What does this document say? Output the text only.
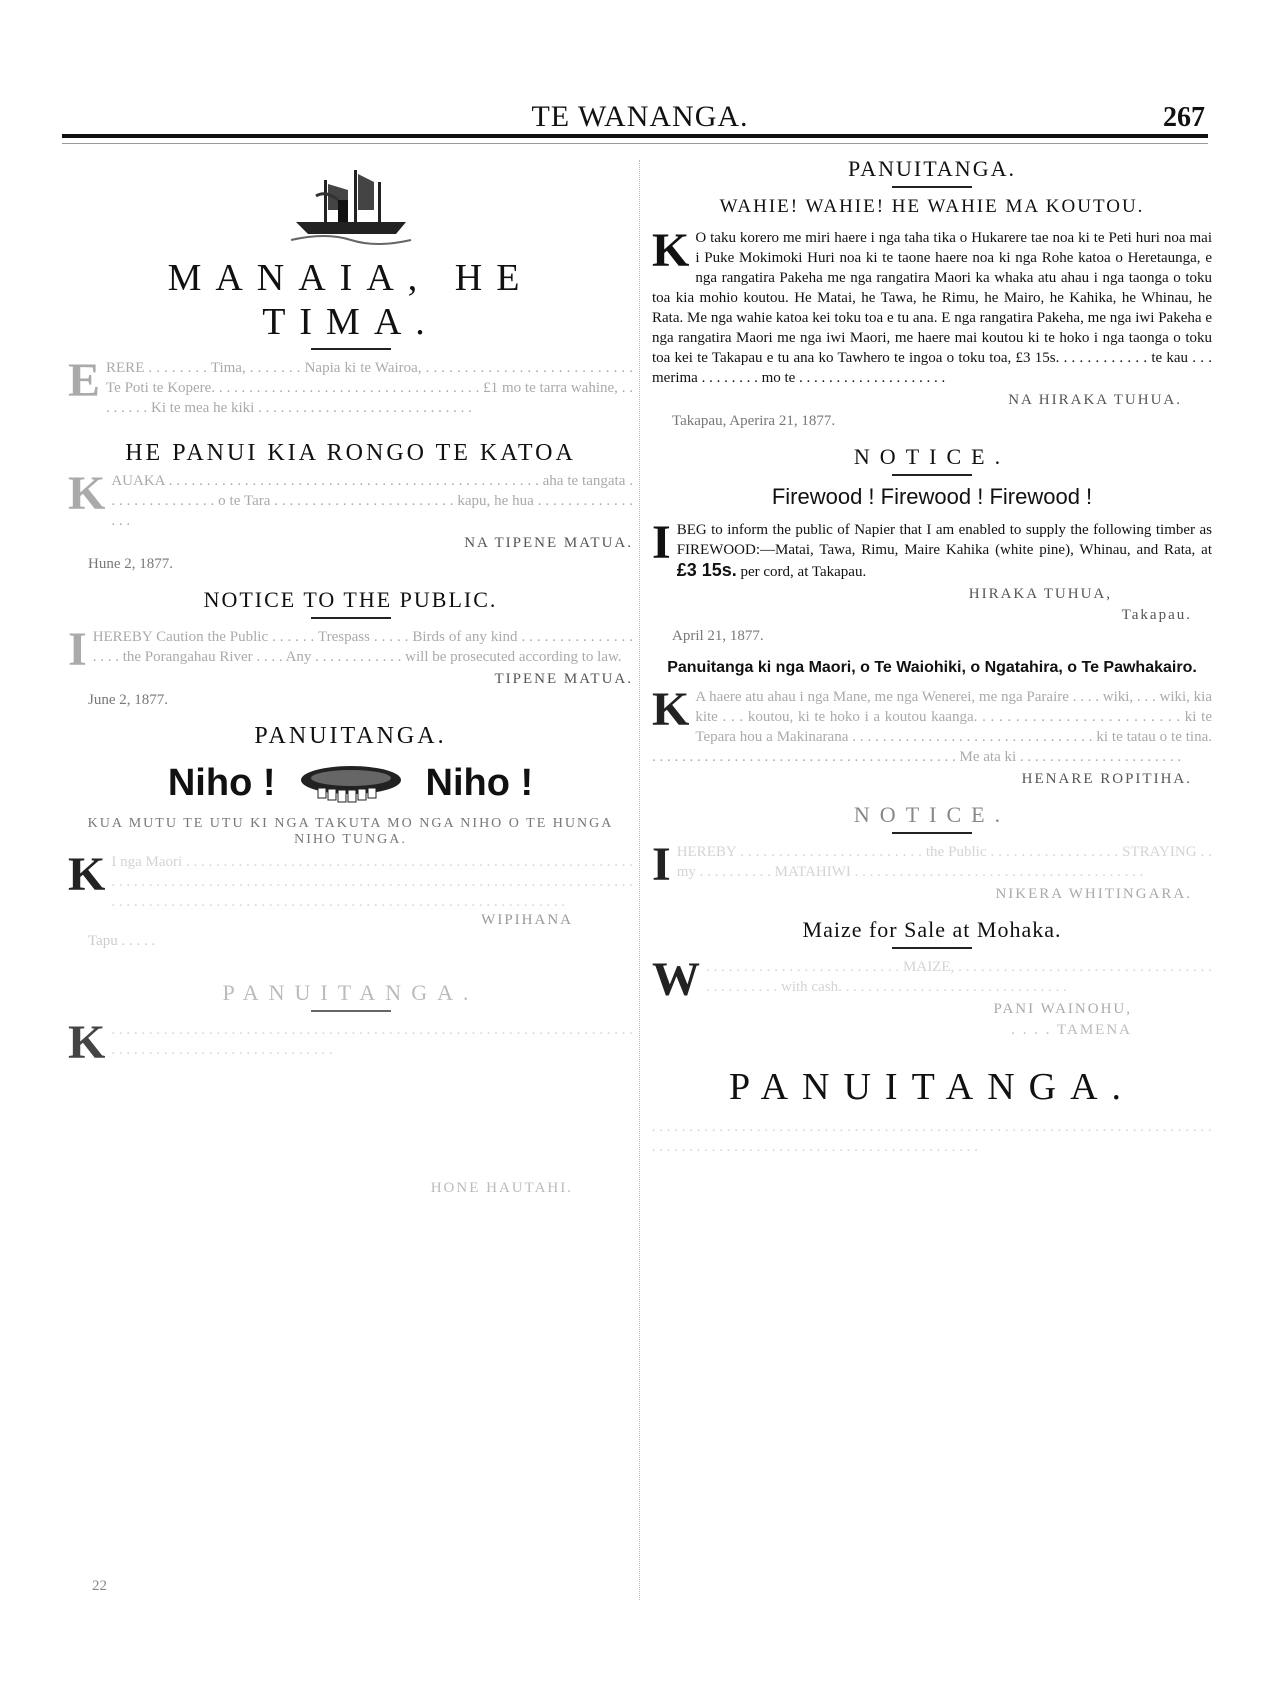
TE WANANGA.	267
MANAIA, HE TIMA.
E RERE . . . . . . . . Tima, . . . . . . . Napia ki te Wairoa, . . . . . . . . . . . . . . . . . . . . . . . . . . . Te Poti te Kopere. . . . . . . . . . . . . . . . . . . . . . . . . . . . . . . . . . . . £1 mo te tarra wahine, . . . . . . . . Ki te mea he kiki . . . . . . . . . . . . . . . . . . . . . . . . . . . . .
HE PANUI KIA RONGO TE KATOA
K AUAKA . . . . . . . . . . . . . . . . . . . . . . . . . . . . . . . . . . . . . . . . . . . . . . . . . aha te tangata . . . . . . . . . . . . . . . o te Tara . . . . . . . . . . . . . . . . . . . . . . . . kapu, he hua . . . . . . . . . . . . . . . .
NA TIPENE MATUA.
Hune 2, 1877.
NOTICE TO THE PUBLIC.
I HEREBY Caution the Public . . . . . . Trespass . . . . . Birds of any kind . . . . . . . . . . . . . . . . . . . the Porangahau River . . . . Any . . . . . . . . . . . . will be prosecuted according to law.
TIPENE MATUA.
June 2, 1877.
PANUITANGA.
Niho !	Niho !
KUA MUTU TE UTU KI NGA TAKUTA MO NGA NIHO O TE HUNGA NIHO TUNGA.
K I nga Maori . . . . . . . . . . . . . . . . . . . . . . . . . . . . . . . . . . . . . . . . . . . . . . . . . . . . . . . . . . . . . . . . . . . . . . . . . . . . . . . . . . . . . . . . . . . . . . . . . . . . . . . . . . . . . . . . . . . . . . . . . . . . . . . . . . . . . . . . . . . . . . . . . . . . . . . . . . . . . . . . . . . . . . . . . . . . . . . . . . . . . . . . . . . . . . .
WIPIHANA
Tapu . . . . .
PANUITANGA.
K . . . . . . . . . . . . . . . . . . . . . . . . . . . . . . . . . . . . . . . . . . . . . . . . . . . . . . . . . . . . . . . . . . . . . . . . . . . . . . . . . . . . . . . . . . . . . . . . . . . .
HONE HAUTAHI.
22
PANUITANGA.
WAHIE! WAHIE! HE WAHIE MA KOUTOU.
K O taku korero me miri haere i nga taha tika o Hukarere tae noa ki te Peti huri noa mai i Puke Mokimoki Huri noa ki te taone haere noa ki nga Rohe katoa o Heretaunga, e nga rangatira Pakeha me nga rangatira Maori ka whaka atu ahau i nga taonga o toku toa kia mohio koutou. He Matai, he Tawa, he Rimu, he Mairo, he Kahika, he Whinau, he Rata. Me nga wahie katoa kei toku toa e tu ana. E nga rangatira Pakeha, me nga iwi Pakeha e nga rangatira Maori me nga iwi Maori, me haere mai koutou ki te hoko i nga taonga o toku toa kei te Takapau e tu ana ko Tawhero te ingoa o toku toa, £3 15s. . . . . . . . . . . . te kau . . . merima . . . . . . . . mo te . . . . . . . . . . . . . . . . . . . .
NA HIRAKA TUHUA.
Takapau, Aperira 21, 1877.
NOTICE.
Firewood ! Firewood ! Firewood !
I BEG to inform the public of Napier that I am enabled to supply the following timber as FIREWOOD:—Matai, Tawa, Rimu, Maire Kahika (white pine), Whinau, and Rata, at £3 15s. per cord, at Takapau.
HIRAKA TUHUA,
Takapau.
April 21, 1877.
Panuitanga ki nga Maori, o Te Waiohiki, o Ngatahira, o Te Pawhakairo.
K A haere atu ahau i nga Mane, me nga Wenerei, me nga Paraire . . . . wiki, . . . wiki, kia kite . . . koutou, ki te hoko i a koutou kaanga. . . . . . . . . . . . . . . . . . . . . . . . . ki te Tepara hou a Makinarana . . . . . . . . . . . . . . . . . . . . . . . . . . . . . . . . ki te tatau o te tina. . . . . . . . . . . . . . . . . . . . . . . . . . . . . . . . . . . . . . . . . . Me ata ki . . . . . . . . . . . . . . . . . . . . . .
HENARE ROPITIHA.
NOTICE.
I HEREBY . . . . . . . . . . . . . . . . . . . . . . . . the Public . . . . . . . . . . . . . . . . . STRAYING . . my . . . . . . . . . . MATAHIWI . . . . . . . . . . . . . . . . . . . . . . . . . . . . . . . . . . . . . . .
NIKERA WHITINGARA.
Maize for Sale at Mohaka.
W . . . . . . . . . . . . . . . . . . . . . . . . . . MAIZE, . . . . . . . . . . . . . . . . . . . . . . . . . . . . . . . . . . . . . . . . . . . . with cash. . . . . . . . . . . . . . . . . . . . . . . . . . . . . . .
PANI WAINOHU,
. . . . TAMENA
PANUITANGA.
. . . . . . . . . . . . . . . . . . . . . . . . . . . . . . . . . . . . . . . . . . . . . . . . . . . . . . . . . . . . . . . . . . . . . . . . . . . . . . . . . . . . . . . . . . . . . . . . . . . . . . . . . . . . . . . . . . . . . . .
